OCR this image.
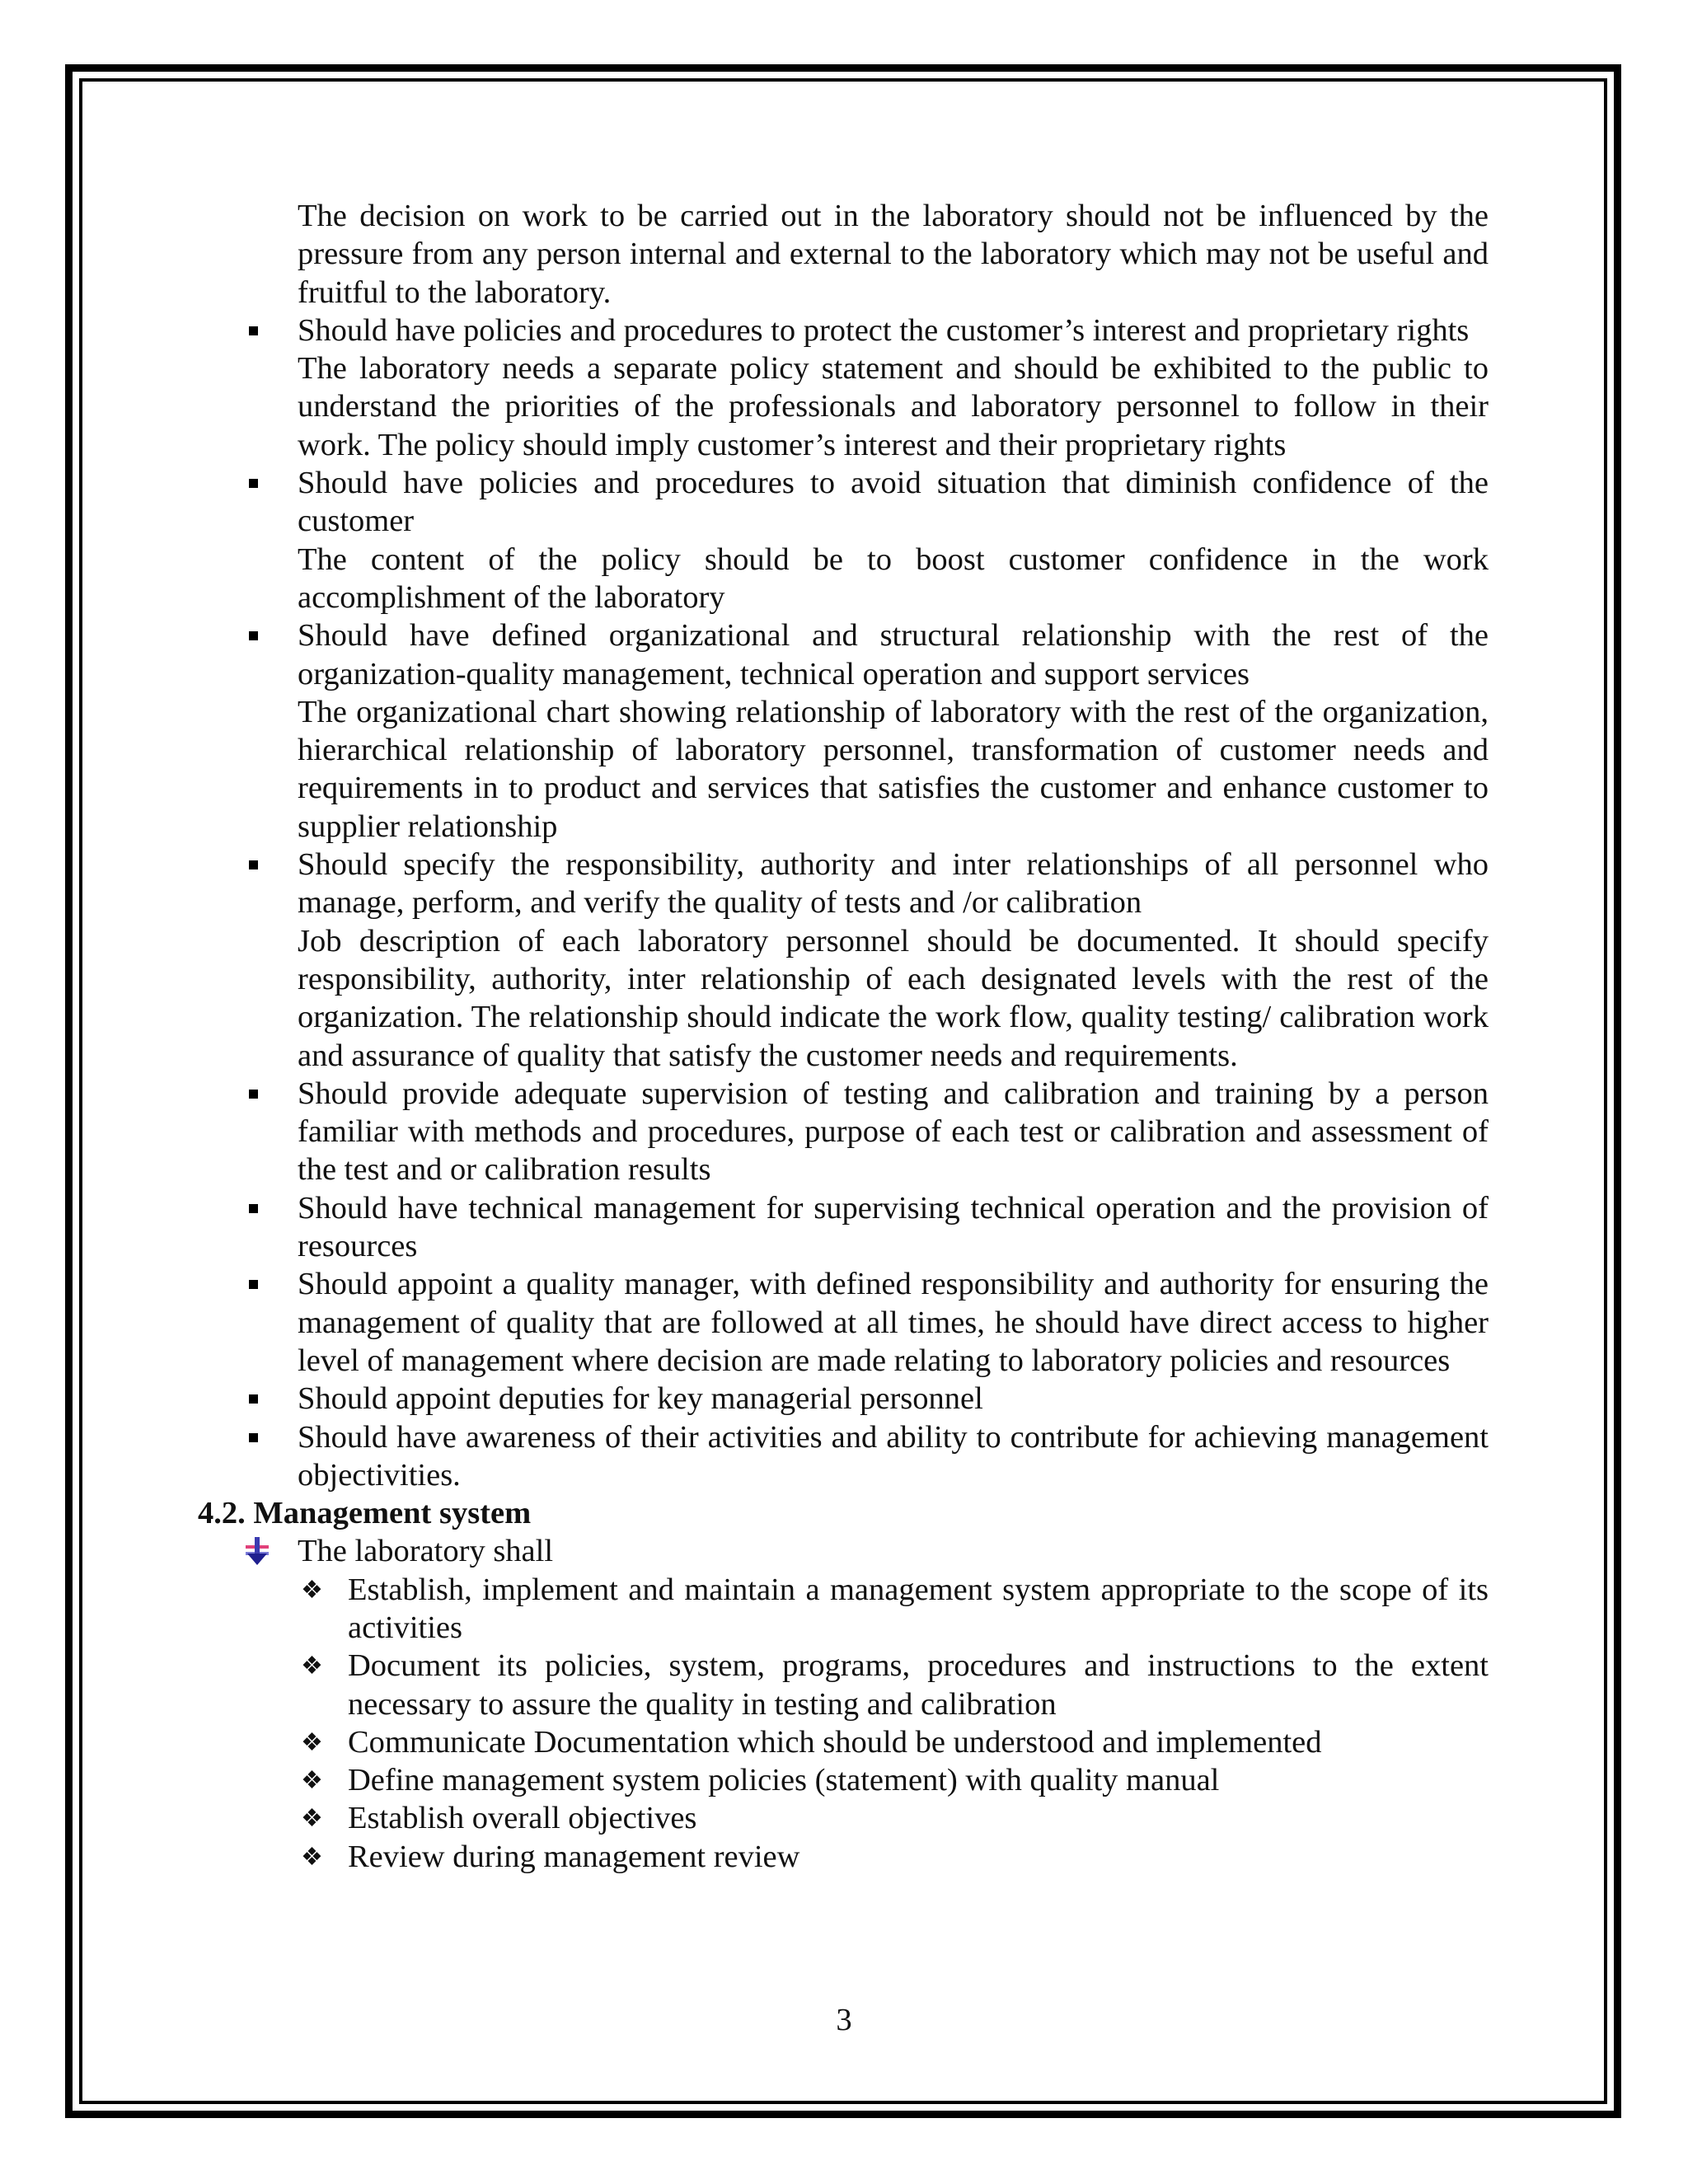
The decision on work to be carried out in the laboratory should not be influenced by the pressure from any person internal and external to the laboratory which may not be useful and fruitful to the laboratory.

Should have policies and procedures to protect the customer’s interest and proprietary rights

The laboratory needs a separate policy statement and should be exhibited to the public to understand the priorities of the professionals and laboratory personnel to follow in their work. The policy should imply customer’s interest and their proprietary rights

Should have policies and procedures to avoid situation that diminish confidence of the customer

The content of the policy should be to boost customer confidence in the work accomplishment of the laboratory

Should have defined organizational and structural relationship with the rest of the organization-quality management, technical operation and support services

The organizational chart showing relationship of laboratory with the rest of the organization, hierarchical relationship of laboratory personnel, transformation of customer needs and requirements in to product and services that satisfies the customer and enhance customer to supplier relationship

Should specify the responsibility, authority and inter relationships of all personnel who manage, perform, and verify the quality of tests and /or calibration

Job description of each laboratory personnel should be documented. It should specify responsibility, authority, inter relationship of each designated levels with the rest of the organization. The relationship should indicate the work flow, quality testing/ calibration work and assurance of quality that satisfy the customer needs and requirements.

Should provide adequate supervision of testing and calibration and training by a person familiar with methods and procedures, purpose of each test or calibration and assessment of the test and or calibration results
Should have technical management for supervising technical operation and the provision of resources
Should appoint a quality manager, with defined responsibility and authority for ensuring the management of quality that are followed at all times, he should have direct access to higher level of management where decision are made relating to laboratory policies and resources
Should appoint deputies for key managerial personnel
Should have awareness of their activities and ability to contribute for achieving management objectivities.

4.2. Management system

The laboratory shall
❖ Establish, implement and maintain a management system appropriate to the scope of its activities
❖ Document its policies, system, programs, procedures and instructions to the extent necessary to assure the quality in testing and calibration
❖ Communicate Documentation which should be understood and implemented
❖ Define management system policies (statement) with quality manual
❖ Establish overall objectives
❖ Review during management review
3
